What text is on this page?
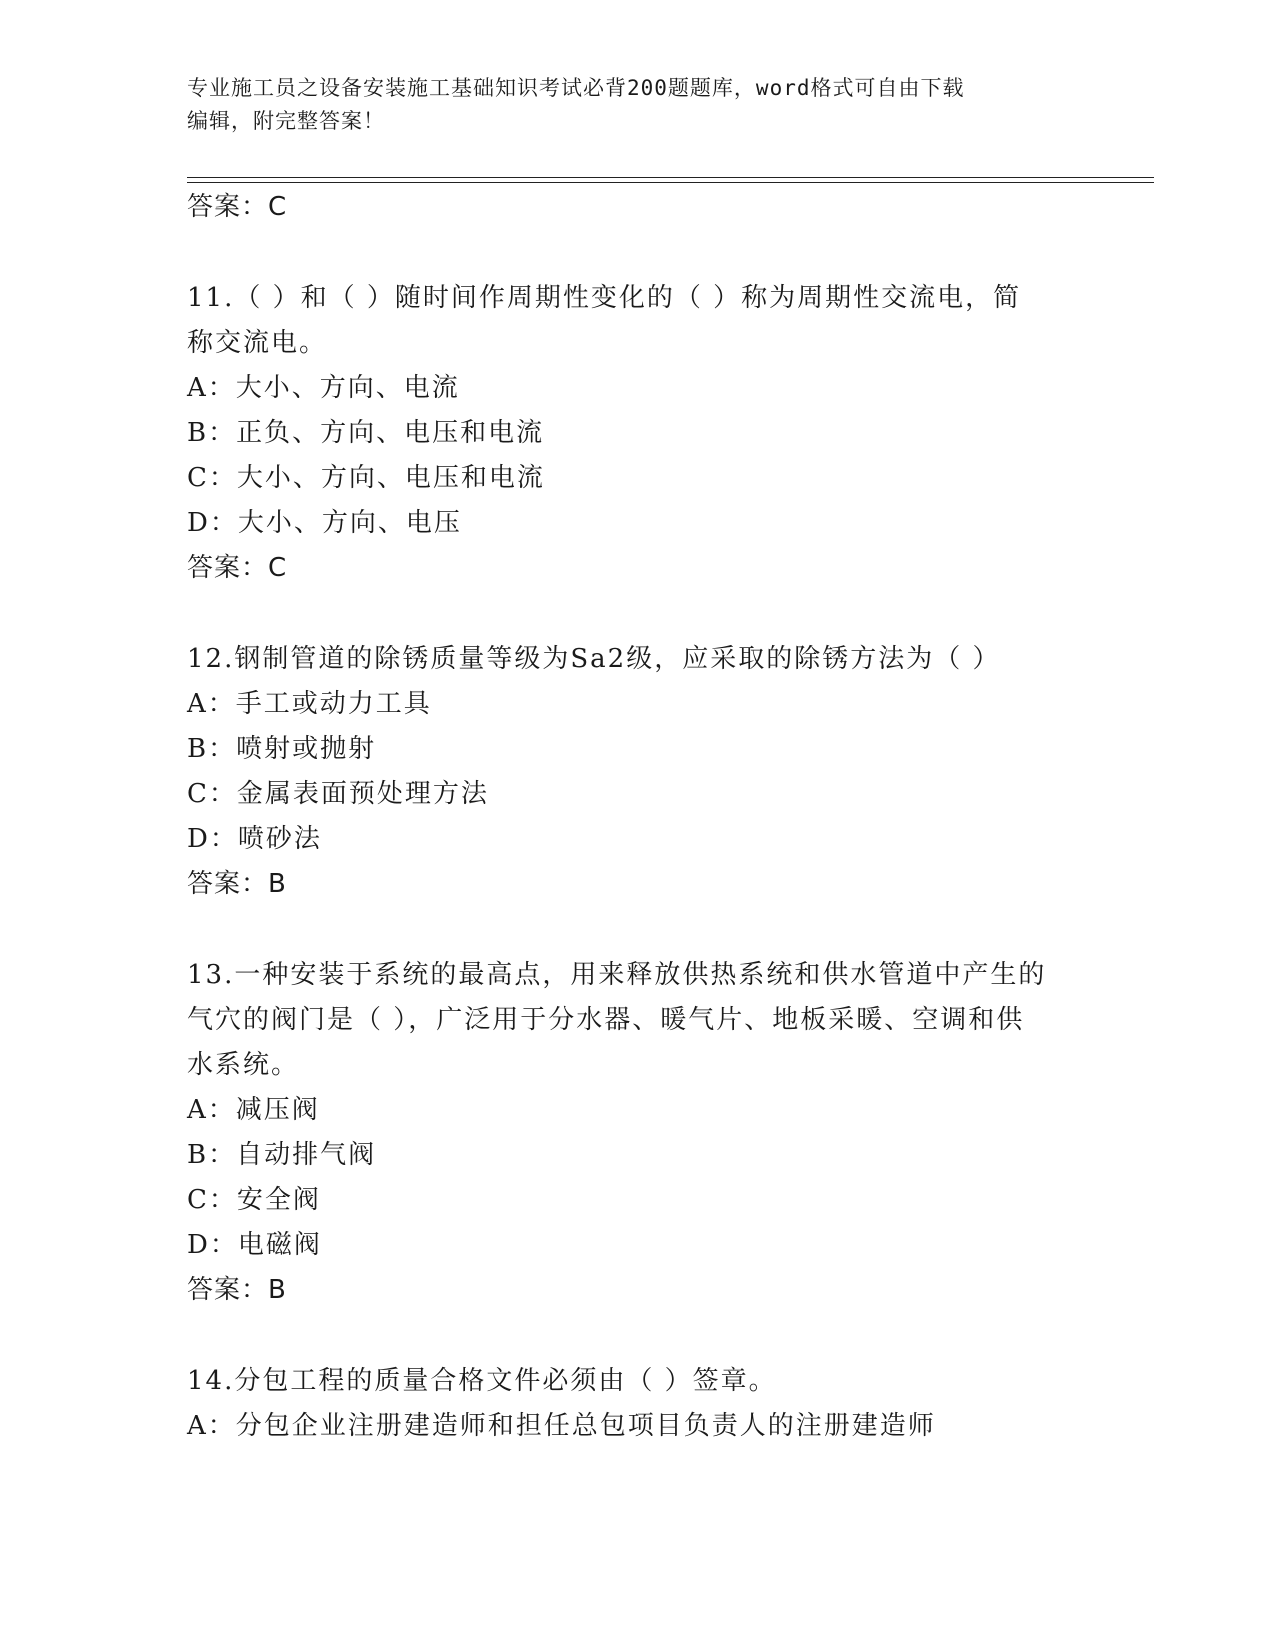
专业施工员之设备安装施工基础知识考试必背200题题库，word格式可自由下载
编辑，附完整答案！
答案：C
11.（ ）和（ ）随时间作周期性变化的（ ）称为周期性交流电，简
称交流电。
A：大小、方向、电流
B：正负、方向、电压和电流
C：大小、方向、电压和电流
D：大小、方向、电压
答案：C
12.钢制管道的除锈质量等级为Sa2级，应采取的除锈方法为（ ）
A：手工或动力工具
B：喷射或抛射
C：金属表面预处理方法
D：喷砂法
答案：B
13.一种安装于系统的最高点，用来释放供热系统和供水管道中产生的
气穴的阀门是（ ），广泛用于分水器、暖气片、地板采暖、空调和供
水系统。
A：减压阀
B：自动排气阀
C：安全阀
D：电磁阀
答案：B
14.分包工程的质量合格文件必须由（ ）签章。
A：分包企业注册建造师和担任总包项目负责人的注册建造师
